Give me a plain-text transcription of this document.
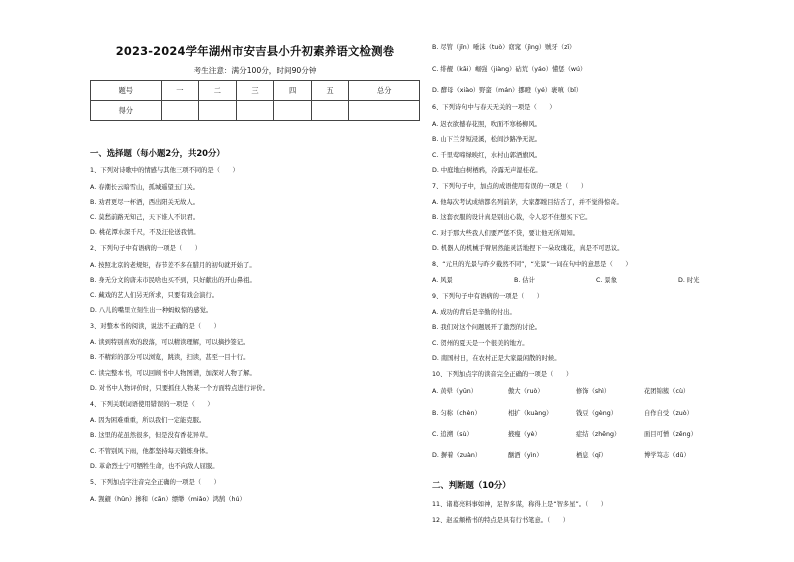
2023-2024学年湖州市安吉县小升初素养语文检测卷
考生注意：满分100分，时间90分钟
题号	一	二	三	四	五	总分
得分						
一、选择题（每小题2分，共20分）
1、下列对诗歌中的情感与其他三项不同的是（　　）
A. 春潮长云暗雪山，孤城遥望玉门关。
B. 劝君更尽一杯酒，西出阳关无故人。
C. 莫愁前路无知己，天下谁人不识君。
D. 桃花潭水深千尺，不及汪伦送我情。
2、下列句子中有语病的一项是（　　）
A. 按照北京的老规矩，春节差不多在腊月的初旬就开始了。
B. 身无分文的唐未市民啥也买不到，只好献出的开山鼻祖。
C. 藏戏的艺人们另无所求，只要有戏会演行。
D. 八儿的嘴里立刻生出一种蚂蚁惊的感觉。
3、对整本书的阅读，说法不正确的是（　　）
A. 读到特别喜欢的段落，可以精读理解，可以摘抄签记。
B. 不精彩的部分可以浏览，跳读，扫读，甚至一目十行。
C. 读完整本书，可以回顾书中人物图谱，加深对人物了解。
D. 对书中人物评价时，只要抓住人物某一个方面特点进行评价。
4、下列关联词语使用错误的一项是（　　）
A. 因为困难重重，所以我们一定能克服。
B. 这里的花虽然很多，但是没有香花异草。
C. 不管别风下雨，他都坚持每天锻炼身体。
D. 革命烈士宁可牺牲生命，也不向敌人屈服。
5、下列加点字注音完全正确的一项是（　　）
A. 觊觎（hūn）掺和（cān）缥缈（miǎo）鸿鹄（hú）
B. 尽管（jǐn）唾沫（tuò）窈窕（jìng）贼牙（zī）
C. 绯靓（kāi）崛强（jiàng）砧荒（yáo）懂惩（wú）
D. 酵母（xiào）野蛮（mán）挪瞪（yé）裹嗔（bǐ）
6、下列诗句中与春天无关的一项是（　　）
A. 迟衣欲撼春花照，吹面不寒杨柳风。
B. 山下兰芽短浸溪，松间沙路净无泥。
C. 千里莺啼绿映红，水村山郭酒旗风。
D. 中庭地白树栖鸦，冷露无声湿桂花。
7、下列句子中，加点的成语使用有误的一项是（　　）
A. 他每次考试成绩都名列前茅，大家都瞠目结舌了，并不觉得惊奇。
B. 这套衣服的设计真是别出心裁，令人忍不住想买下它。
C. 对于那大些我人们要严惩不贷，要让他无所周知。
D. 机器人的机械手臂居然能灵活地捏下一朵玫瑰花，真是不可思议。
8、“元旦的光景与昨夕截然不同”，“光景”一词在句中的意思是（　　）
A. 风景	B. 估计	C. 景象	D. 时光
9、下列句子中有语病的一项是（　　）
A. 成功的背后是辛勤的付出。
B. 我们对这个问题展开了激烈的讨论。
C. 贺州的夏天是一个很美的地方。
D. 南国村日，在农村正是大家最闲散的时候。
10、下列加点字的读音完全正确的一项是（　　）
A. 黄晕（yūn）	傲大（ruò）	修饰（shì）	花团锦簇（cù）
B. 匀称（chèn）	相扩（kuàng）	钱豆（gèng）	自作自受（zuò）
C. 追溯（sù）	掖瘦（yè）	症结（zhēng）	面目可憎（zēng）
D. 摒着（zuàn）	酗酒（yìn）	栖息（qī）	博学笃志（dǔ）
二、判断题（10分）
11、诸葛亮料事如神，足智多谋，称得上是“智多星”。（　　）
12、赵孟頫楷书的特点是具有行书笔意。（　　）
